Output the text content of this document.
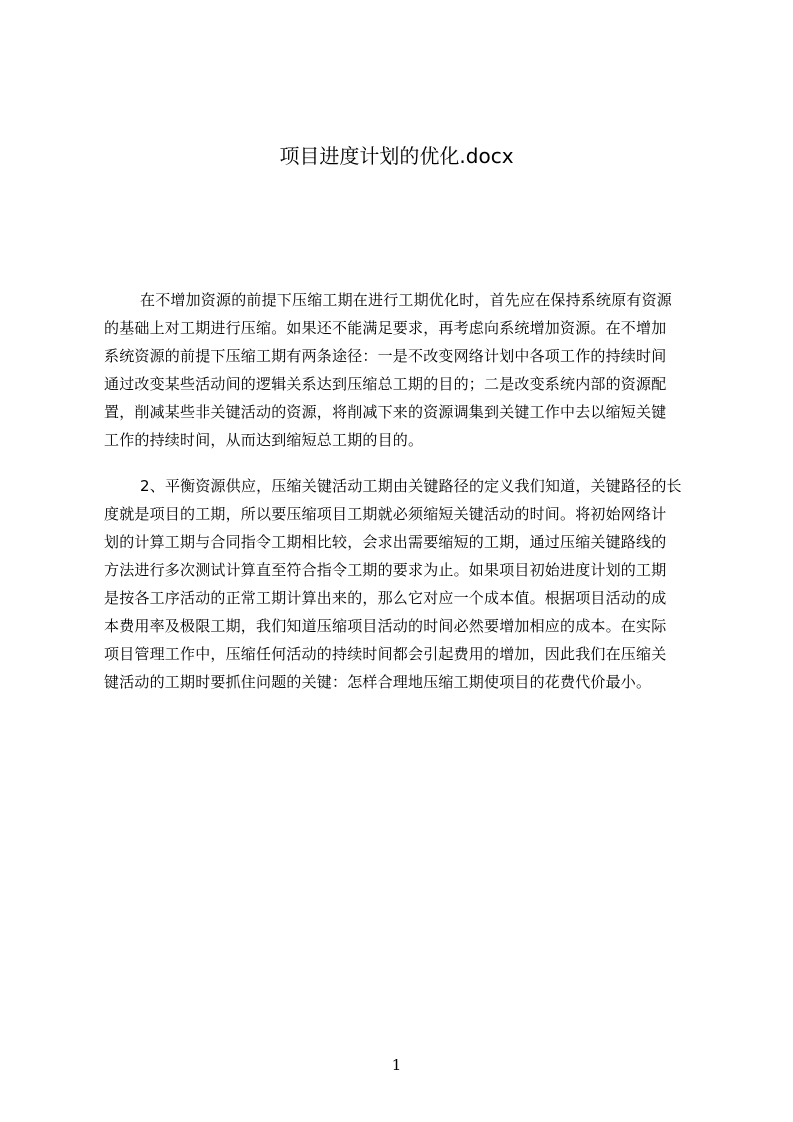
项目进度计划的优化.docx

在不增加资源的前提下压缩工期在进行工期优化时，首先应在保持系统原有资源
的基础上对工期进行压缩。如果还不能满足要求，再考虑向系统增加资源。在不增加
系统资源的前提下压缩工期有两条途径：一是不改变网络计划中各项工作的持续时间
通过改变某些活动间的逻辑关系达到压缩总工期的目的；二是改变系统内部的资源配
置，削减某些非关键活动的资源，将削减下来的资源调集到关键工作中去以缩短关键
工作的持续时间，从而达到缩短总工期的目的。

2、平衡资源供应，压缩关键活动工期由关键路径的定义我们知道，关键路径的长
度就是项目的工期，所以要压缩项目工期就必须缩短关键活动的时间。将初始网络计
划的计算工期与合同指令工期相比较，会求出需要缩短的工期，通过压缩关键路线的
方法进行多次测试计算直至符合指令工期的要求为止。如果项目初始进度计划的工期
是按各工序活动的正常工期计算出来的，那么它对应一个成本值。根据项目活动的成
本费用率及极限工期，我们知道压缩项目活动的时间必然要增加相应的成本。在实际
项目管理工作中，压缩任何活动的持续时间都会引起费用的增加，因此我们在压缩关
键活动的工期时要抓住问题的关键：怎样合理地压缩工期使项目的花费代价最小。

1
